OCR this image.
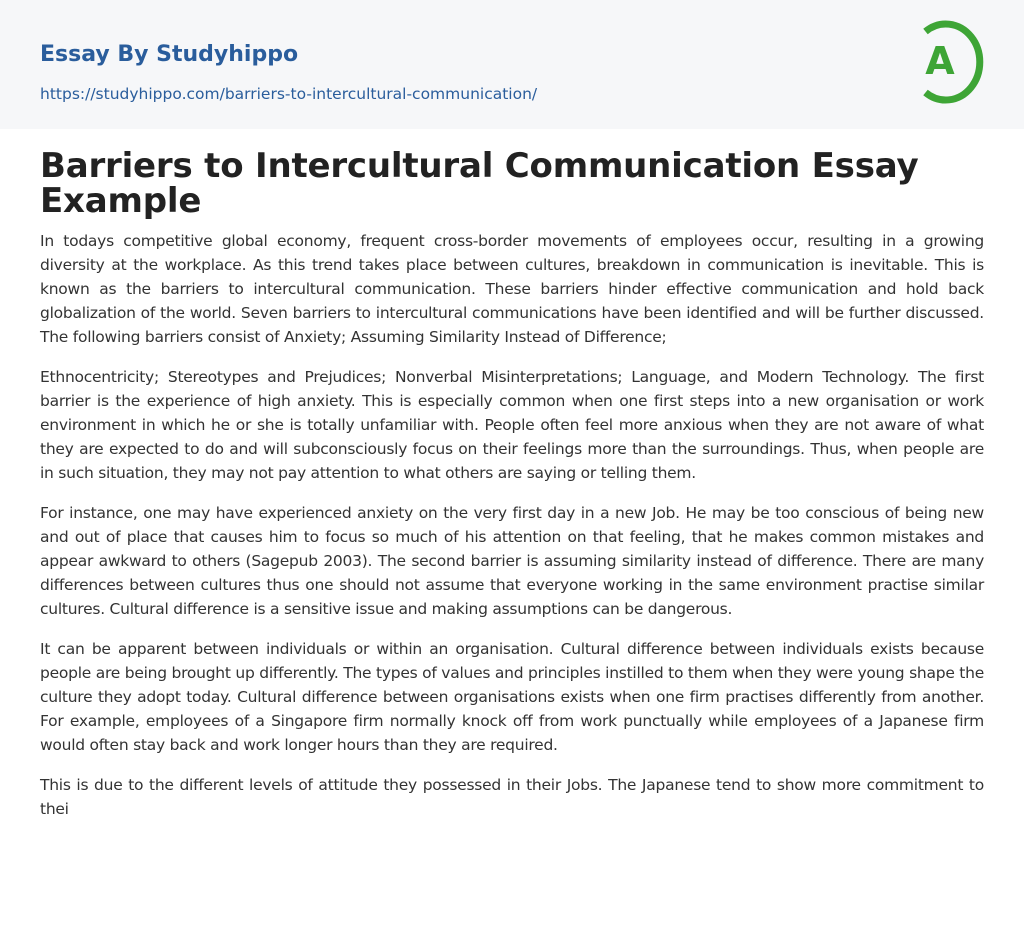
Essay By Studyhippo
https://studyhippo.com/barriers-to-intercultural-communication/
A
Barriers to Intercultural Communication Essay Example

In todays competitive global economy, frequent cross-border movements of employees occur, resulting in a growing diversity at the workplace. As this trend takes place between cultures, breakdown in communication is inevitable. This is known as the barriers to intercultural communication. These barriers hinder effective communication and hold back globalization of the world. Seven barriers to intercultural communications have been identified and will be further discussed. The following barriers consist of Anxiety; Assuming Similarity Instead of Difference;

Ethnocentricity; Stereotypes and Prejudices; Nonverbal Misinterpretations; Language, and Modern Technology. The first barrier is the experience of high anxiety. This is especially common when one first steps into a new organisation or work environment in which he or she is totally unfamiliar with. People often feel more anxious when they are not aware of what they are expected to do and will subconsciously focus on their feelings more than the surroundings. Thus, when people are in such situation, they may not pay attention to what others are saying or telling them.

For instance, one may have experienced anxiety on the very first day in a new Job. He may be too conscious of being new and out of place that causes him to focus so much of his attention on that feeling, that he makes common mistakes and appear awkward to others (Sagepub 2003). The second barrier is assuming similarity instead of difference. There are many differences between cultures thus one should not assume that everyone working in the same environment practise similar cultures. Cultural difference is a sensitive issue and making assumptions can be dangerous.

It can be apparent between individuals or within an organisation. Cultural difference between individuals exists because people are being brought up differently. The types of values and principles instilled to them when they were young shape the culture they adopt today. Cultural difference between organisations exists when one firm practises differently from another. For example, employees of a Singapore firm normally knock off from work punctually while employees of a Japanese firm would often stay back and work longer hours than they are required.

This is due to the different levels of attitude they possessed in their Jobs. The Japanese tend to show more commitment to thei
